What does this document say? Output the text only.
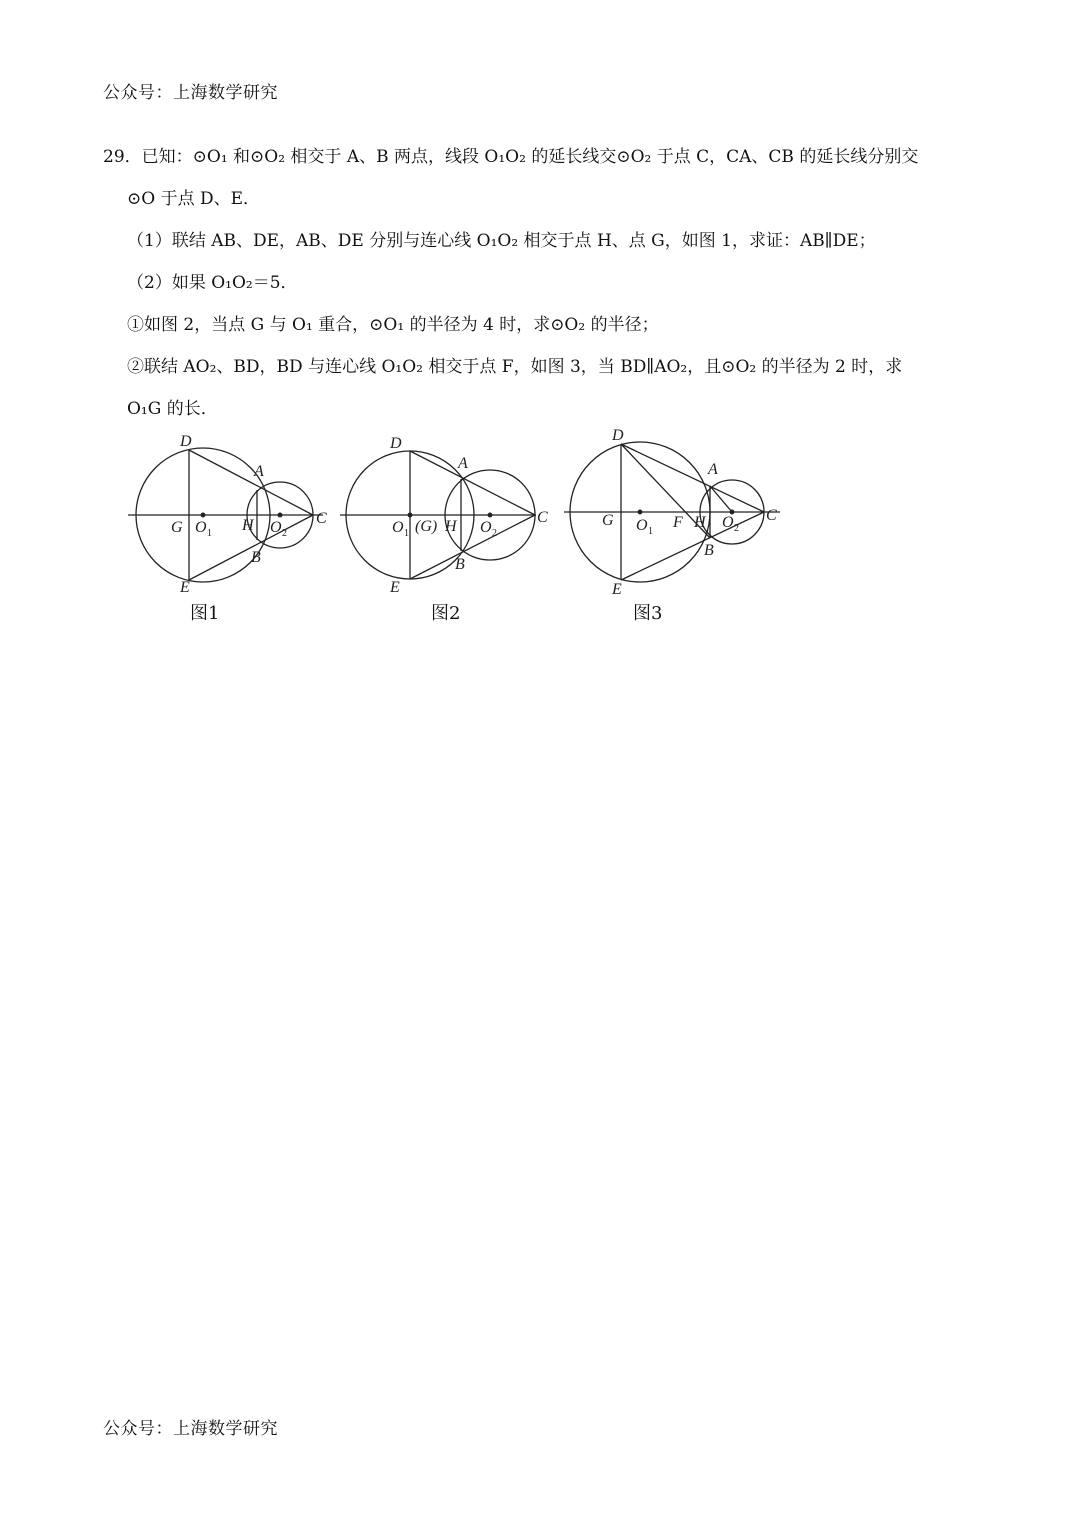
公众号：上海数学研究
29．已知：⊙O₁ 和⊙O₂ 相交于 A、B 两点，线段 O₁O₂ 的延长线交⊙O₂ 于点 C，CA、CB 的延长线分别交
⊙O 于点 D、E．
（1）联结 AB、DE，AB、DE 分别与连心线 O₁O₂ 相交于点 H、点 G，如图 1，求证：AB∥DE；
（2）如果 O₁O₂＝5．
①如图 2，当点 G 与 O₁ 重合，⊙O₁ 的半径为 4 时，求⊙O₂ 的半径；
②联结 AO₂、BD，BD 与连心线 O₁O₂ 相交于点 F，如图 3，当 BD∥AO₂，且⊙O₂ 的半径为 2 时，求
O₁G 的长．
D
A
G O 1 H O 2
C
B
E
D
A
O 1 (G) H O 2
C
B
E
D
A
G O 1
F H O 2
C
B
E
图1	图2	图3
公众号：上海数学研究
